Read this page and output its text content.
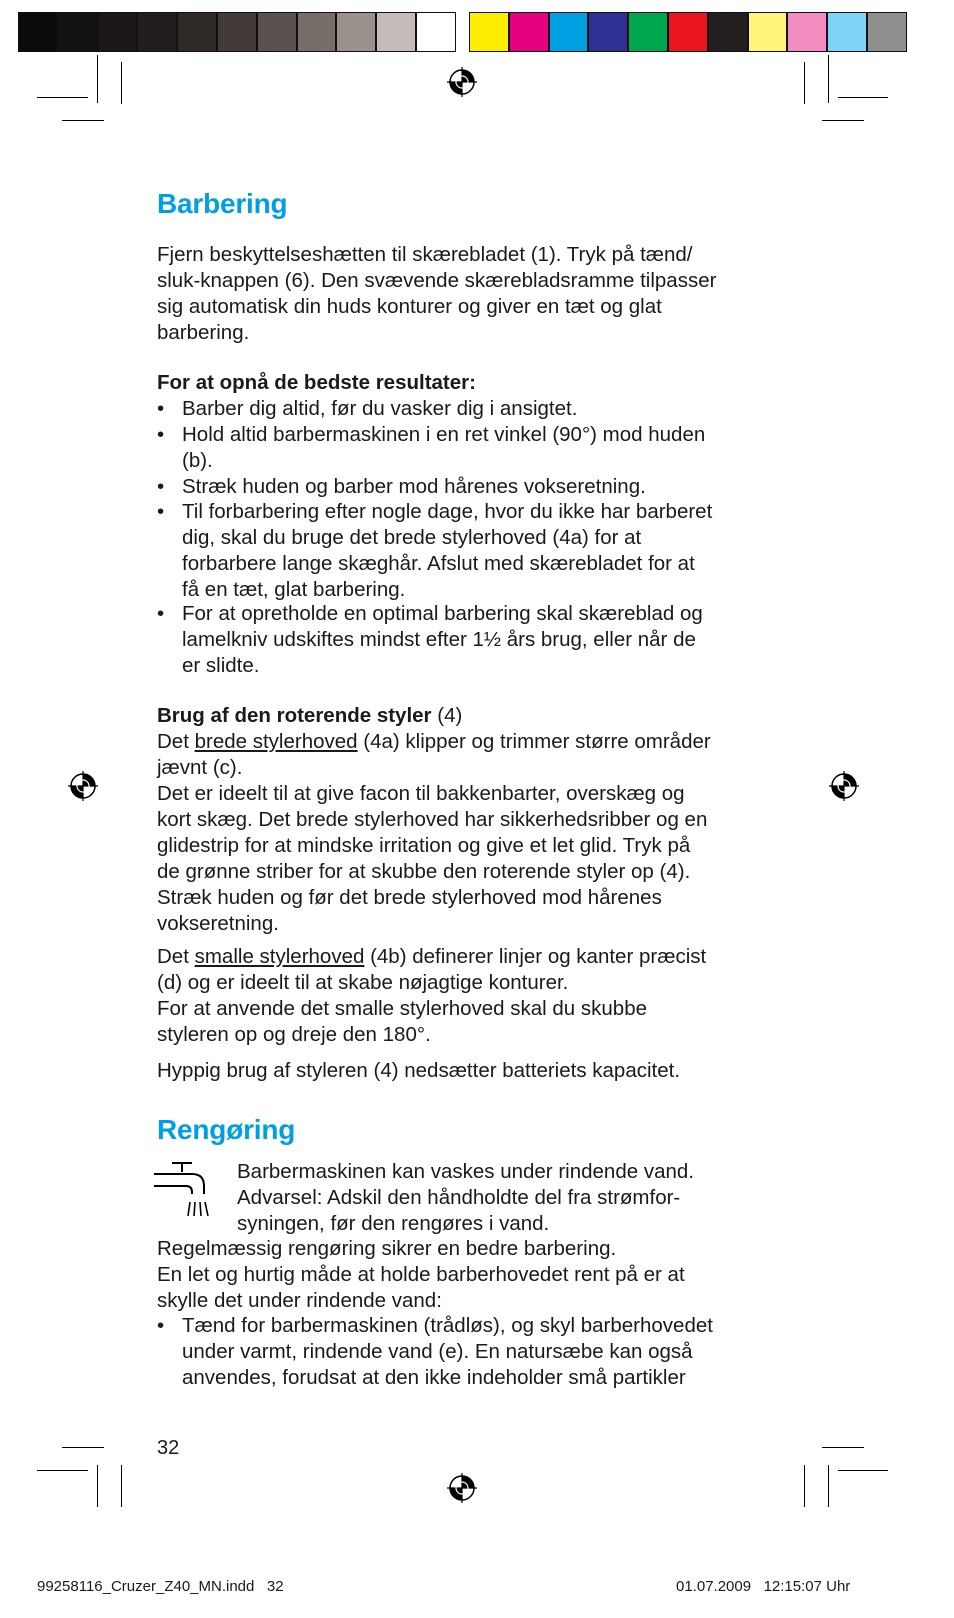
Barbering

Fjern beskyttelseshætten til skærebladet (1). Tryk på tænd/
sluk-knappen (6). Den svævende skærebladsramme tilpasser
sig automatisk din huds konturer og giver en tæt og glat
barbering.

For at opnå de bedste resultater:

• Barber dig altid, før du vasker dig i ansigtet.
• Hold altid barbermaskinen i en ret vinkel (90°) mod huden
(b).
• Stræk huden og barber mod hårenes vokseretning.
• Til forbarbering efter nogle dage, hvor du ikke har barberet
dig, skal du bruge det brede stylerhoved (4a) for at
forbarbere lange skæghår. Afslut med skærebladet for at
få en tæt, glat barbering.
• For at opretholde en optimal barbering skal skæreblad og
lamelkniv udskiftes mindst efter 1½ års brug, eller når de
er slidte.

Brug af den roterende styler (4)

Det brede stylerhoved (4a) klipper og trimmer større områder
jævnt (c).
Det er ideelt til at give facon til bakkenbarter, overskæg og
kort skæg. Det brede stylerhoved har sikkerhedsribber og en
glidestrip for at mindske irritation og give et let glid. Tryk på
de grønne striber for at skubbe den roterende styler op (4).
Stræk huden og før det brede stylerhoved mod hårenes
vokseretning.

Det smalle stylerhoved (4b) definerer linjer og kanter præcist
(d) og er ideelt til at skabe nøjagtige konturer.
For at anvende det smalle stylerhoved skal du skubbe
styleren op og dreje den 180°.

Hyppig brug af styleren (4) nedsætter batteriets kapacitet.

Rengøring

Barbermaskinen kan vaskes under rindende vand.
Advarsel: Adskil den håndholdte del fra strømfor-
syningen, før den rengøres i vand.

Regelmæssig rengøring sikrer en bedre barbering.
En let og hurtig måde at holde barberhovedet rent på er at
skylle det under rindende vand:

• Tænd for barbermaskinen (trådløs), og skyl barberhovedet
under varmt, rindende vand (e). En natursæbe kan også
anvendes, forudsat at den ikke indeholder små partikler
32
99258116_Cruzer_Z40_MN.indd   32	01.07.2009   12:15:07 Uhr
